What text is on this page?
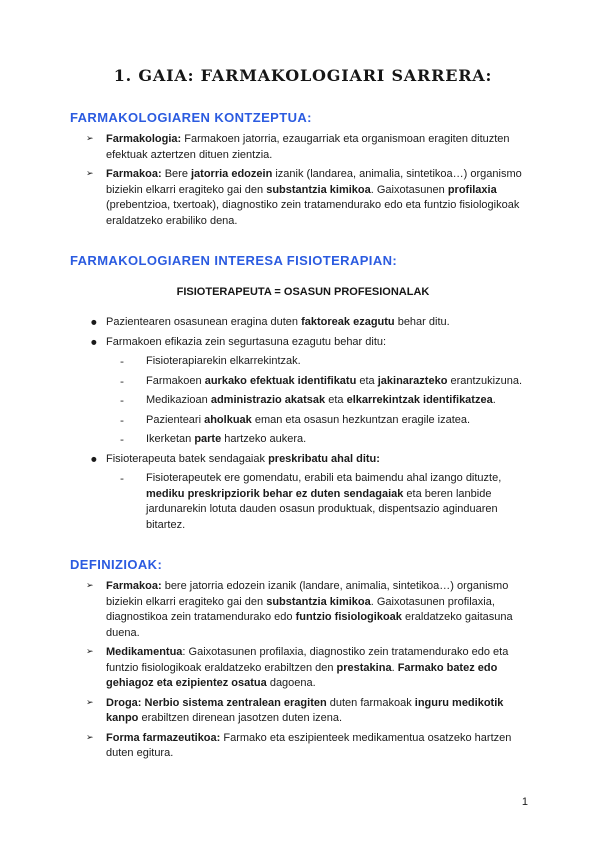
1. GAIA: FARMAKOLOGIARI SARRERA:
FARMAKOLOGIAREN KONTZEPTUA:
➢	Farmakologia: Farmakoen jatorria, ezaugarriak eta organismoan eragiten dituzten efektuak aztertzen dituen zientzia.
➢	Farmakoa: Bere jatorria edozein izanik (landarea, animalia, sintetikoa…) organismo biziekin elkarri eragiteko gai den substantzia kimikoa. Gaixotasunen profilaxia (prebentzioa, txertoak), diagnostiko zein tratamendurako edo eta funtzio fisiologikoak eraldatzeko erabiliko dena.
FARMAKOLOGIAREN INTERESA FISIOTERAPIAN:

FISIOTERAPEUTA = OSASUN PROFESIONALAK

● Pazientearen osasunean eragina duten faktoreak ezagutu behar ditu.
● Farmakoen efikazia zein segurtasuna ezagutu behar ditu:
-	Fisioterapiarekin elkarrekintzak.
-	Farmakoen aurkako efektuak identifikatu eta jakinarazteko erantzukizuna.
-	Medikazioan administrazio akatsak eta elkarrekintzak identifikatzea.
-	Pazienteari aholkuak eman eta osasun hezkuntzan eragile izatea.
-	Ikerketan parte hartzeko aukera.
● Fisioterapeuta batek sendagaiak preskribatu ahal ditu:
-	Fisioterapeutek ere gomendatu, erabili eta baimendu ahal izango dituzte, mediku preskripziorik behar ez duten sendagaiak eta beren lanbide jardunarekin lotuta dauden osasun produktuak, dispentsazio aginduaren bitartez.
DEFINIZIOAK:
➢	Farmakoa: bere jatorria edozein izanik (landare, animalia, sintetikoa…) organismo biziekin elkarri eragiteko gai den substantzia kimikoa. Gaixotasunen profilaxia, diagnostikoa zein tratamendurako edo funtzio fisiologikoak eraldatzeko gaitasuna duena.
➢	Medikamentua: Gaixotasunen profilaxia, diagnostiko zein tratamendurako edo eta funtzio fisiologikoak eraldatzeko erabiltzen den prestakina. Farmako batez edo gehiagoz eta ezipientez osatua dagoena.
➢	Droga: Nerbio sistema zentralean eragiten duten farmakoak inguru medikotik kanpo erabiltzen direnean jasotzen duten izena.
➢	Forma farmazeutikoa: Farmako eta eszipienteek medikamentua osatzeko hartzen duten egitura.
1
